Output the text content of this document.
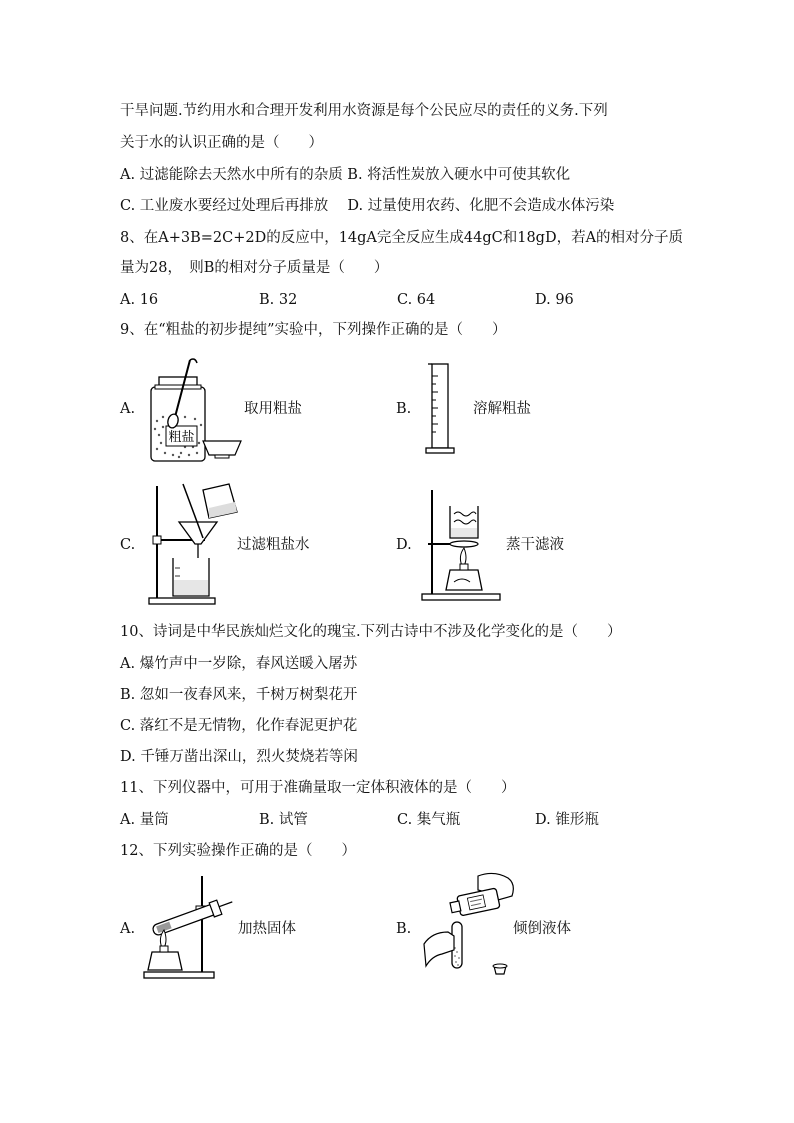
干旱问题.节约用水和合理开发利用水资源是每个公民应尽的责任的义务.下列
关于水的认识正确的是（　　）
A. 过滤能除去天然水中所有的杂质 B. 将活性炭放入硬水中可使其软化
C. 工业废水要经过处理后再排放　 D. 过量使用农药、化肥不会造成水体污染
8、在A+3B=2C+2D的反应中，14gA完全反应生成44gC和18gD，若A的相对分子质
量为28，　则B的相对分子质量是（　　）
A. 16	B. 32	C. 64	D. 96
9、在“粗盐的初步提纯”实验中，下列操作正确的是（　　）
A.
粗盐
取用粗盐	B.	溶解粗盐
C.	过滤粗盐水	D.	蒸干滤液
10、诗词是中华民族灿烂文化的瑰宝.下列古诗中不涉及化学变化的是（　　）
A. 爆竹声中一岁除，春风送暖入屠苏
B. 忽如一夜春风来，千树万树梨花开
C. 落红不是无情物，化作春泥更护花
D. 千锤万凿出深山，烈火焚烧若等闲
11、下列仪器中，可用于准确量取一定体积液体的是（　　）
A. 量筒	B. 试管	C. 集气瓶	D. 锥形瓶
12、下列实验操作正确的是（　　）
A.	加热固体	B.	倾倒液体
